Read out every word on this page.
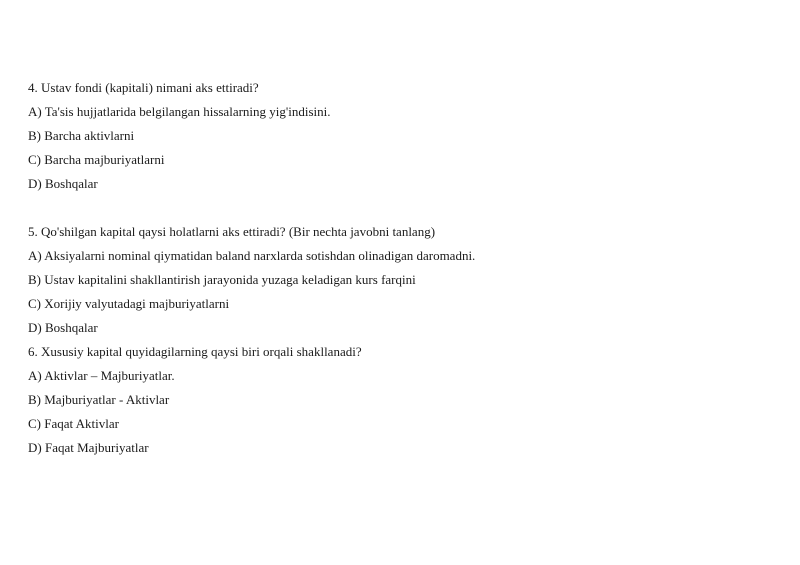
4. Ustav fondi (kapitali) nimani aks ettiradi?
A) Ta'sis hujjatlarida belgilangan hissalarning yig'indisini.
B) Barcha aktivlarni
C) Barcha majburiyatlarni
D) Boshqalar
5. Qo'shilgan kapital qaysi holatlarni aks ettiradi? (Bir nechta javobni tanlang)
A) Aksiyalarni nominal qiymatidan baland narxlarda sotishdan olinadigan daromadni.
B) Ustav kapitalini shakllantirish jarayonida yuzaga keladigan kurs farqini
C) Xorijiy valyutadagi majburiyatlarni
D) Boshqalar
6. Xususiy kapital quyidagilarning qaysi biri orqali shakllanadi?
A) Aktivlar – Majburiyatlar.
B) Majburiyatlar - Aktivlar
C) Faqat Aktivlar
D) Faqat Majburiyatlar
